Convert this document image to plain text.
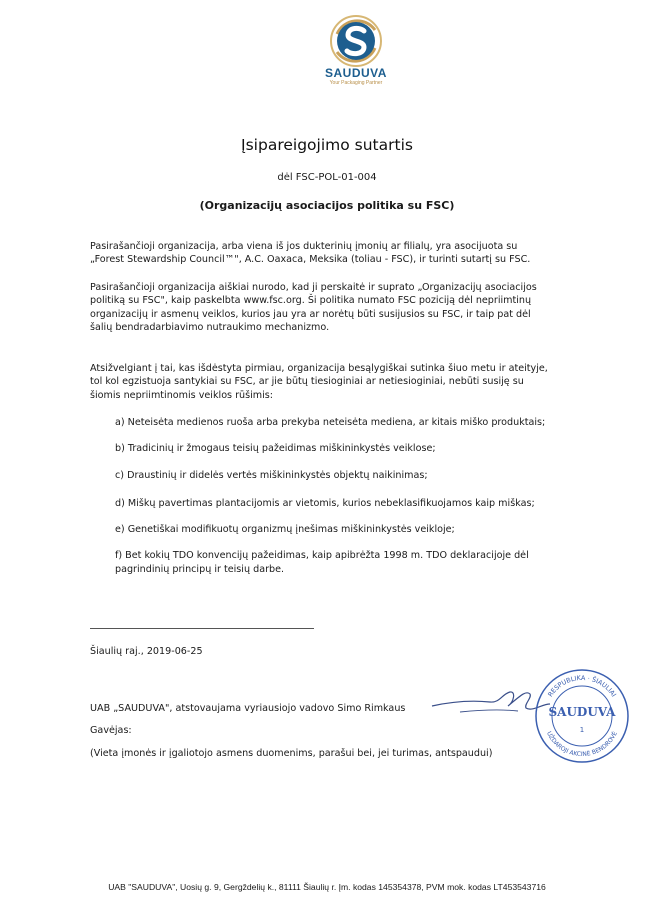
SAUDUVA
Your Packaging Partner
Įsipareigojimo sutartis
dėl FSC-POL-01-004
(Organizacijų asociacijos politika su FSC)
Pasirašančioji organizacija, arba viena iš jos dukterinių įmonių ar filialų, yra asocijuota su „Forest Stewardship Council™", A.C. Oaxaca, Meksika (toliau - FSC), ir turinti sutartį su FSC.
Pasirašančioji organizacija aiškiai nurodo, kad ji perskaitė ir suprato „Organizacijų asociacijos politiką su FSC", kaip paskelbta www.fsc.org. Ši politika numato FSC poziciją dėl nepriimtinų organizacijų ir asmenų veiklos, kurios jau yra ar norėtų būti susijusios su FSC, ir taip pat dėl šalių bendradarbiavimo nutraukimo mechanizmo.
Atsižvelgiant į tai, kas išdėstyta pirmiau, organizacija besąlygiškai sutinka šiuo metu ir ateityje, tol kol egzistuoja santykiai su FSC, ar jie būtų tiesioginiai ar netiesioginiai, nebūti susiję su šiomis nepriimtinomis veiklos rūšimis:
a) Neteisėta medienos ruoša arba prekyba neteisėta mediena, ar kitais miško produktais;
b) Tradicinių ir žmogaus teisių pažeidimas miškininkystės veiklose;
c) Draustinių ir didelės vertės miškininkystės objektų naikinimas;
d) Miškų pavertimas plantacijomis ar vietomis, kurios nebeklasifikuojamos kaip miškas;
e) Genetiškai modifikuotų organizmų įnešimas miškininkystės veikloje;
f) Bet kokių TDO konvencijų pažeidimas, kaip apibrėžta 1998 m. TDO deklaracijoje dėl pagrindinių principų ir teisių darbe.
Šiaulių raj., 2019-06-25
UAB „SAUDUVA", atstovaujama vyriausiojo vadovo Simo Rimkaus
Gavėjas:
(Vieta įmonės ir įgaliotojo asmens duomenims, parašui bei, jei turimas, antspaudui)
RESPUBLIKA · ŠIAULIAI
UŽDAROJI AKCINĖ BENDROVĖ
SAUDUVA
1
UAB "SAUDUVA", Uosių g. 9, Gergždelių k., 81111 Šiaulių r. Įm. kodas 145354378, PVM mok. kodas LT453543716
